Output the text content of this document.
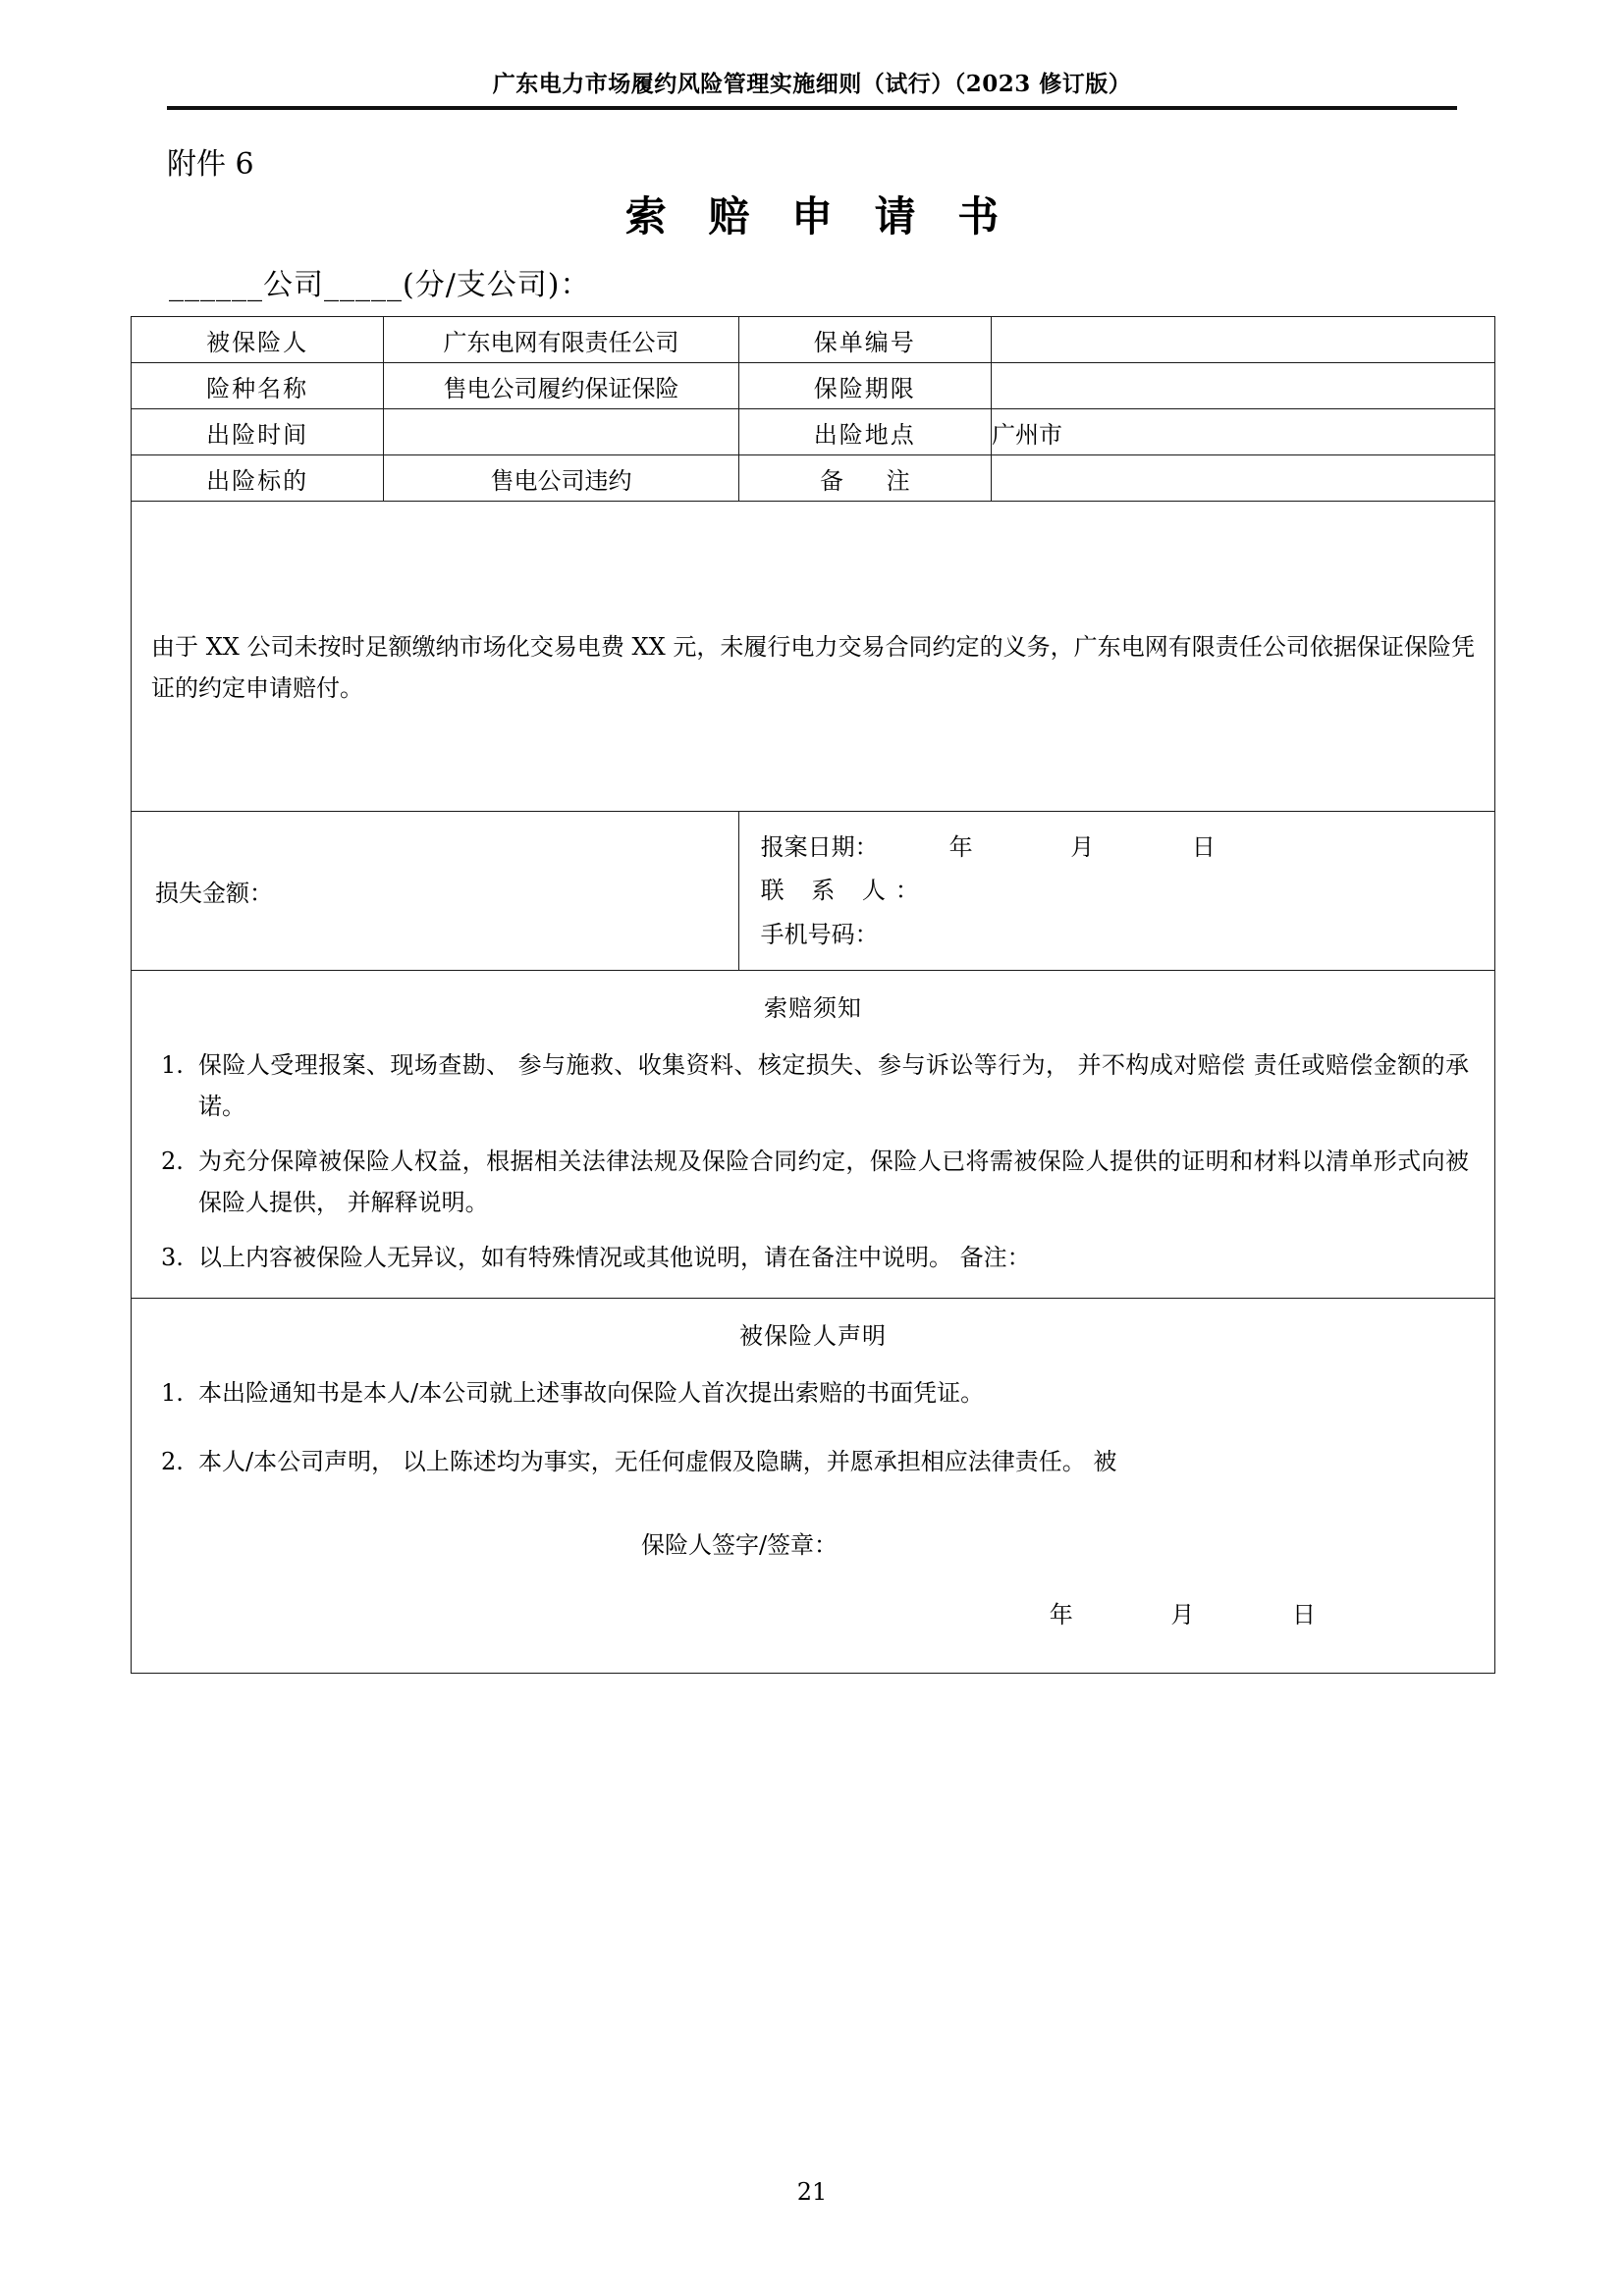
广东电力市场履约风险管理实施细则（试行）（2023 修订版）
附件 6
索 赔 申 请 书
______公司_____(分/支公司)：
被保险人	广东电网有限责任公司	保单编号	
险种名称	售电公司履约保证保险	保险期限	
出险时间		出险地点	广州市
出险标的	售电公司违约	备 注	
由于 XX 公司未按时足额缴纳市场化交易电费 XX 元，未履行电力交易合同约定的义务，广东电网有限责任公司依据保证保险凭证的约定申请赔付。			
损失金额：		报案日期： 年 月 日
联 系 人：
手机号码：	

索赔须知
1. 保险人受理报案、现场查勘、 参与施救、收集资料、核定损失、参与诉讼等行为， 并不构成对赔偿 责任或赔偿金额的承诺。
2. 为充分保障被保险人权益，根据相关法律法规及保险合同约定，保险人已将需被保险人提供的证明和材料以清单形式向被保险人提供， 并解释说明。
3. 以上内容被保险人无异议，如有特殊情况或其他说明，请在备注中说明。 备注：

被保险人声明
1. 本出险通知书是本人/本公司就上述事故向保险人首次提出索赔的书面凭证。
2. 本人/本公司声明， 以上陈述均为事实，无任何虚假及隐瞒，并愿承担相应法律责任。 被
保险人签字/签章：
年 月 日
21
